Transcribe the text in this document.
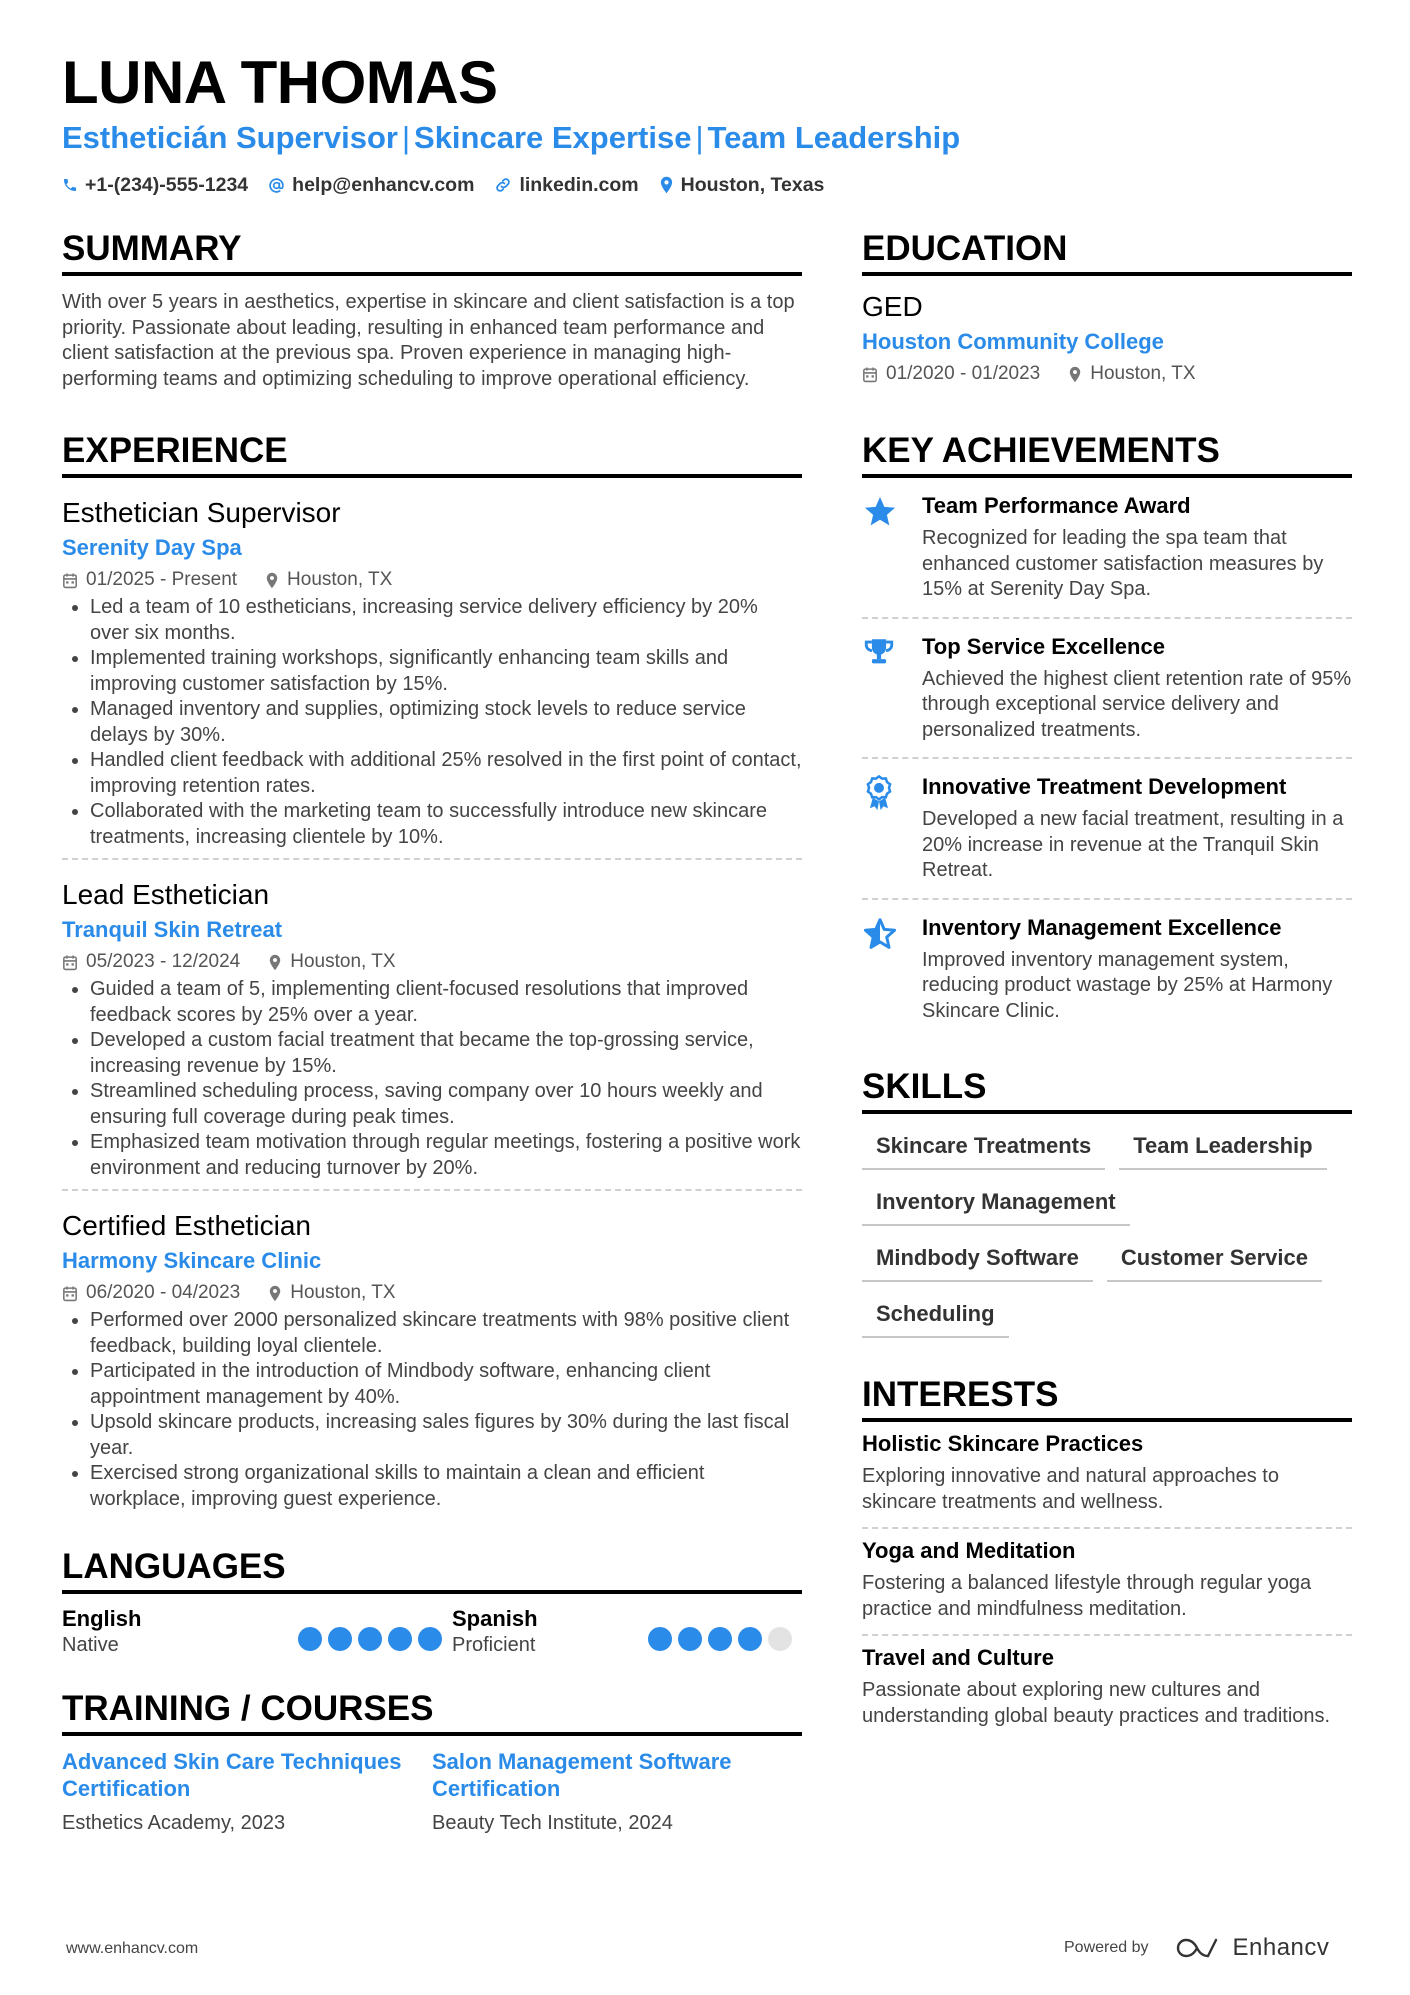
LUNA THOMAS
Estheticián Supervisor | Skincare Expertise | Team Leadership
+1-(234)-555-1234 help@enhancv.com linkedin.com Houston, Texas
SUMMARY
With over 5 years in aesthetics, expertise in skincare and client satisfaction is a top priority. Passionate about leading, resulting in enhanced team performance and client satisfaction at the previous spa. Proven experience in managing high-performing teams and optimizing scheduling to improve operational efficiency.
EXPERIENCE
Esthetician Supervisor
Serenity Day Spa
01/2025 - Present	Houston, TX
• Led a team of 10 estheticians, increasing service delivery efficiency by 20% over six months.
• Implemented training workshops, significantly enhancing team skills and improving customer satisfaction by 15%.
• Managed inventory and supplies, optimizing stock levels to reduce service delays by 30%.
• Handled client feedback with additional 25% resolved in the first point of contact, improving retention rates.
• Collaborated with the marketing team to successfully introduce new skincare treatments, increasing clientele by 10%.
Lead Esthetician
Tranquil Skin Retreat
05/2023 - 12/2024	Houston, TX
• Guided a team of 5, implementing client-focused resolutions that improved feedback scores by 25% over a year.
• Developed a custom facial treatment that became the top-grossing service, increasing revenue by 15%.
• Streamlined scheduling process, saving company over 10 hours weekly and ensuring full coverage during peak times.
• Emphasized team motivation through regular meetings, fostering a positive work environment and reducing turnover by 20%.
Certified Esthetician
Harmony Skincare Clinic
06/2020 - 04/2023	Houston, TX
• Performed over 2000 personalized skincare treatments with 98% positive client feedback, building loyal clientele.
• Participated in the introduction of Mindbody software, enhancing client appointment management by 40%.
• Upsold skincare products, increasing sales figures by 30% during the last fiscal year.
• Exercised strong organizational skills to maintain a clean and efficient workplace, improving guest experience.
LANGUAGES
English
Native
Spanish
Proficient
TRAINING / COURSES
Advanced Skin Care Techniques Certification
Esthetics Academy, 2023
Salon Management Software Certification
Beauty Tech Institute, 2024
EDUCATION
GED
Houston Community College
01/2020 - 01/2023	Houston, TX
KEY ACHIEVEMENTS
Team Performance Award
Recognized for leading the spa team that enhanced customer satisfaction measures by 15% at Serenity Day Spa.
Top Service Excellence
Achieved the highest client retention rate of 95% through exceptional service delivery and personalized treatments.
Innovative Treatment Development
Developed a new facial treatment, resulting in a 20% increase in revenue at the Tranquil Skin Retreat.
Inventory Management Excellence
Improved inventory management system, reducing product wastage by 25% at Harmony Skincare Clinic.
SKILLS
Skincare Treatments	Team Leadership
Inventory Management
Mindbody Software	Customer Service
Scheduling
INTERESTS
Holistic Skincare Practices
Exploring innovative and natural approaches to skincare treatments and wellness.
Yoga and Meditation
Fostering a balanced lifestyle through regular yoga practice and mindfulness meditation.
Travel and Culture
Passionate about exploring new cultures and understanding global beauty practices and traditions.
www.enhancv.com	Powered by	Enhancv
